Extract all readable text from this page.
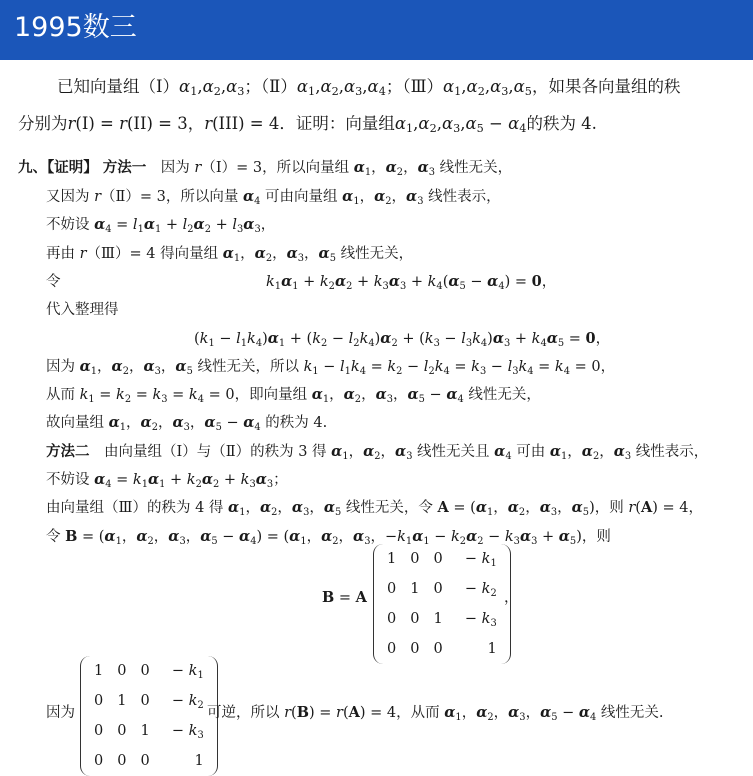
1995数三
已知向量组$(Ⅰ)\alpha_1,\alpha_2,\alpha_3$；$(Ⅱ)\alpha_1,\alpha_2,\alpha_3,\alpha_4$；$(Ⅲ)\alpha_1,\alpha_2,\alpha_3,\alpha_5$，如果各向量组的秩
分别为r(I) = r(II) = 3，r(III) = 4．证明：向量组$\alpha_1,\alpha_2,\alpha_3,\alpha_5 - \alpha_4$的秩为 4.
九、【证明】 方法一　因为 r（Ⅰ）= 3，所以向量组 $\alpha_1$，$\alpha_2$，$\alpha_3$ 线性无关，
又因为 r（Ⅱ）= 3，所以向量 $\alpha_4$ 可由向量组 $\alpha_1$，$\alpha_2$，$\alpha_3$ 线性表示，
不妨设 $\alpha_4 = l_1\alpha_1 + l_2\alpha_2 + l_3\alpha_3$，
再由 r（Ⅲ）= 4 得向量组 $\alpha_1$，$\alpha_2$，$\alpha_3$，$\alpha_5$ 线性无关，
令	$k_1\alpha_1 + k_2\alpha_2 + k_3\alpha_3 + k_4(\alpha_5 - \alpha_4) = 0$，
代入整理得
$(k_1 - l_1k_4)\alpha_1 + (k_2 - l_2k_4)\alpha_2 + (k_3 - l_3k_4)\alpha_3 + k_4\alpha_5 = 0$，
因为 $\alpha_1$，$\alpha_2$，$\alpha_3$，$\alpha_5$ 线性无关，所以 $k_1 - l_1k_4 = k_2 - l_2k_4 = k_3 - l_3k_4 = k_4 = 0$，
从而 $k_1 = k_2 = k_3 = k_4 = 0$，即向量组 $\alpha_1$，$\alpha_2$，$\alpha_3$，$\alpha_5 - \alpha_4$ 线性无关，
故向量组 $\alpha_1$，$\alpha_2$，$\alpha_3$，$\alpha_5 - \alpha_4$ 的秩为 4.
方法二　由向量组（Ⅰ）与（Ⅱ）的秩为 3 得 $\alpha_1$，$\alpha_2$，$\alpha_3$ 线性无关且 $\alpha_4$ 可由 $\alpha_1$，$\alpha_2$，$\alpha_3$ 线性表示，
不妨设 $\alpha_4 = k_1\alpha_1 + k_2\alpha_2 + k_3\alpha_3$；
由向量组（Ⅲ）的秩为 4 得 $\alpha_1$，$\alpha_2$，$\alpha_3$，$\alpha_5$ 线性无关，令 $A = (\alpha_1$，$\alpha_2$，$\alpha_3$，$\alpha_5$)，则 r(A) = 4，
令 $B = (\alpha_1$，$\alpha_2$，$\alpha_3$，$\alpha_5 - \alpha_4) = (\alpha_1$，$\alpha_2$，$\alpha_3$，$-k_1\alpha_1 - k_2\alpha_2 - k_3\alpha_3 + \alpha_5$)，则
B = A
1	0	0	− $k_1$
0	1	0	− $k_2$
0	0	1	− $k_3$
0	0	0	1
，
因为
1	0	0	− $k_1$
0	1	0	− $k_2$
0	0	1	− $k_3$
0	0	0	1
可逆，所以 r(B) = r(A) = 4，从而 $\alpha_1$，$\alpha_2$，$\alpha_3$，$\alpha_5 - \alpha_4$ 线性无关.
